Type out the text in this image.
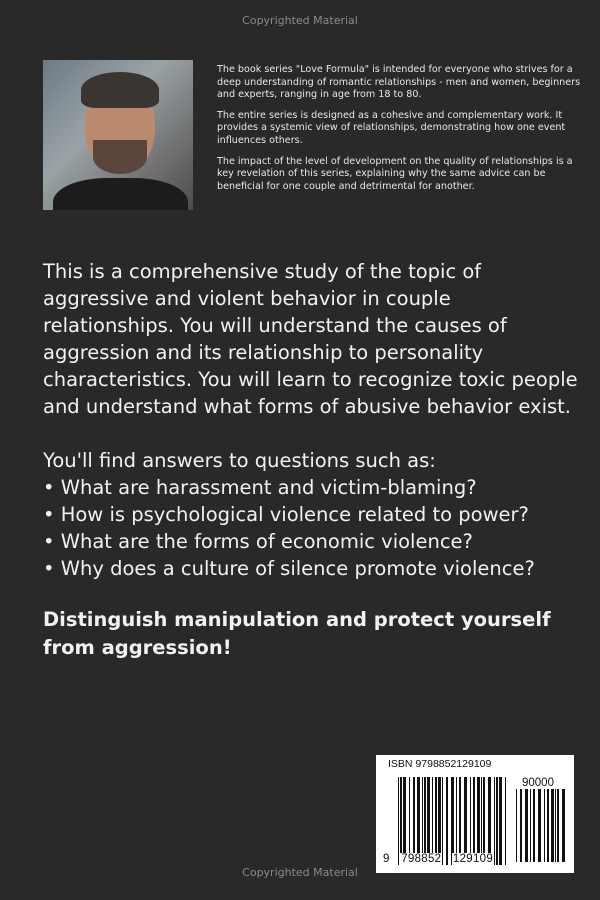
Copyrighted Material

The book series "Love Formula" is intended for everyone who strives for a deep understanding of romantic relationships - men and women, beginners and experts, ranging in age from 18 to 80.

The entire series is designed as a cohesive and complementary work. It provides a systemic view of relationships, demonstrating how one event influences others.

The impact of the level of development on the quality of relationships is a key revelation of this series, explaining why the same advice can be beneficial for one couple and detrimental for another.

This is a comprehensive study of the topic of aggressive and violent behavior in couple relationships. You will understand the causes of aggression and its relationship to personality characteristics. You will learn to recognize toxic people and understand what forms of abusive behavior exist.

You'll find answers to questions such as:

• What are harassment and victim-blaming?
• How is psychological violence related to power?
• What are the forms of economic violence?
• Why does a culture of silence promote violence?
Distinguish manipulation and protect yourself from aggression!
ISBN 9798852129109
90000
9 798852 129109
Copyrighted Material
